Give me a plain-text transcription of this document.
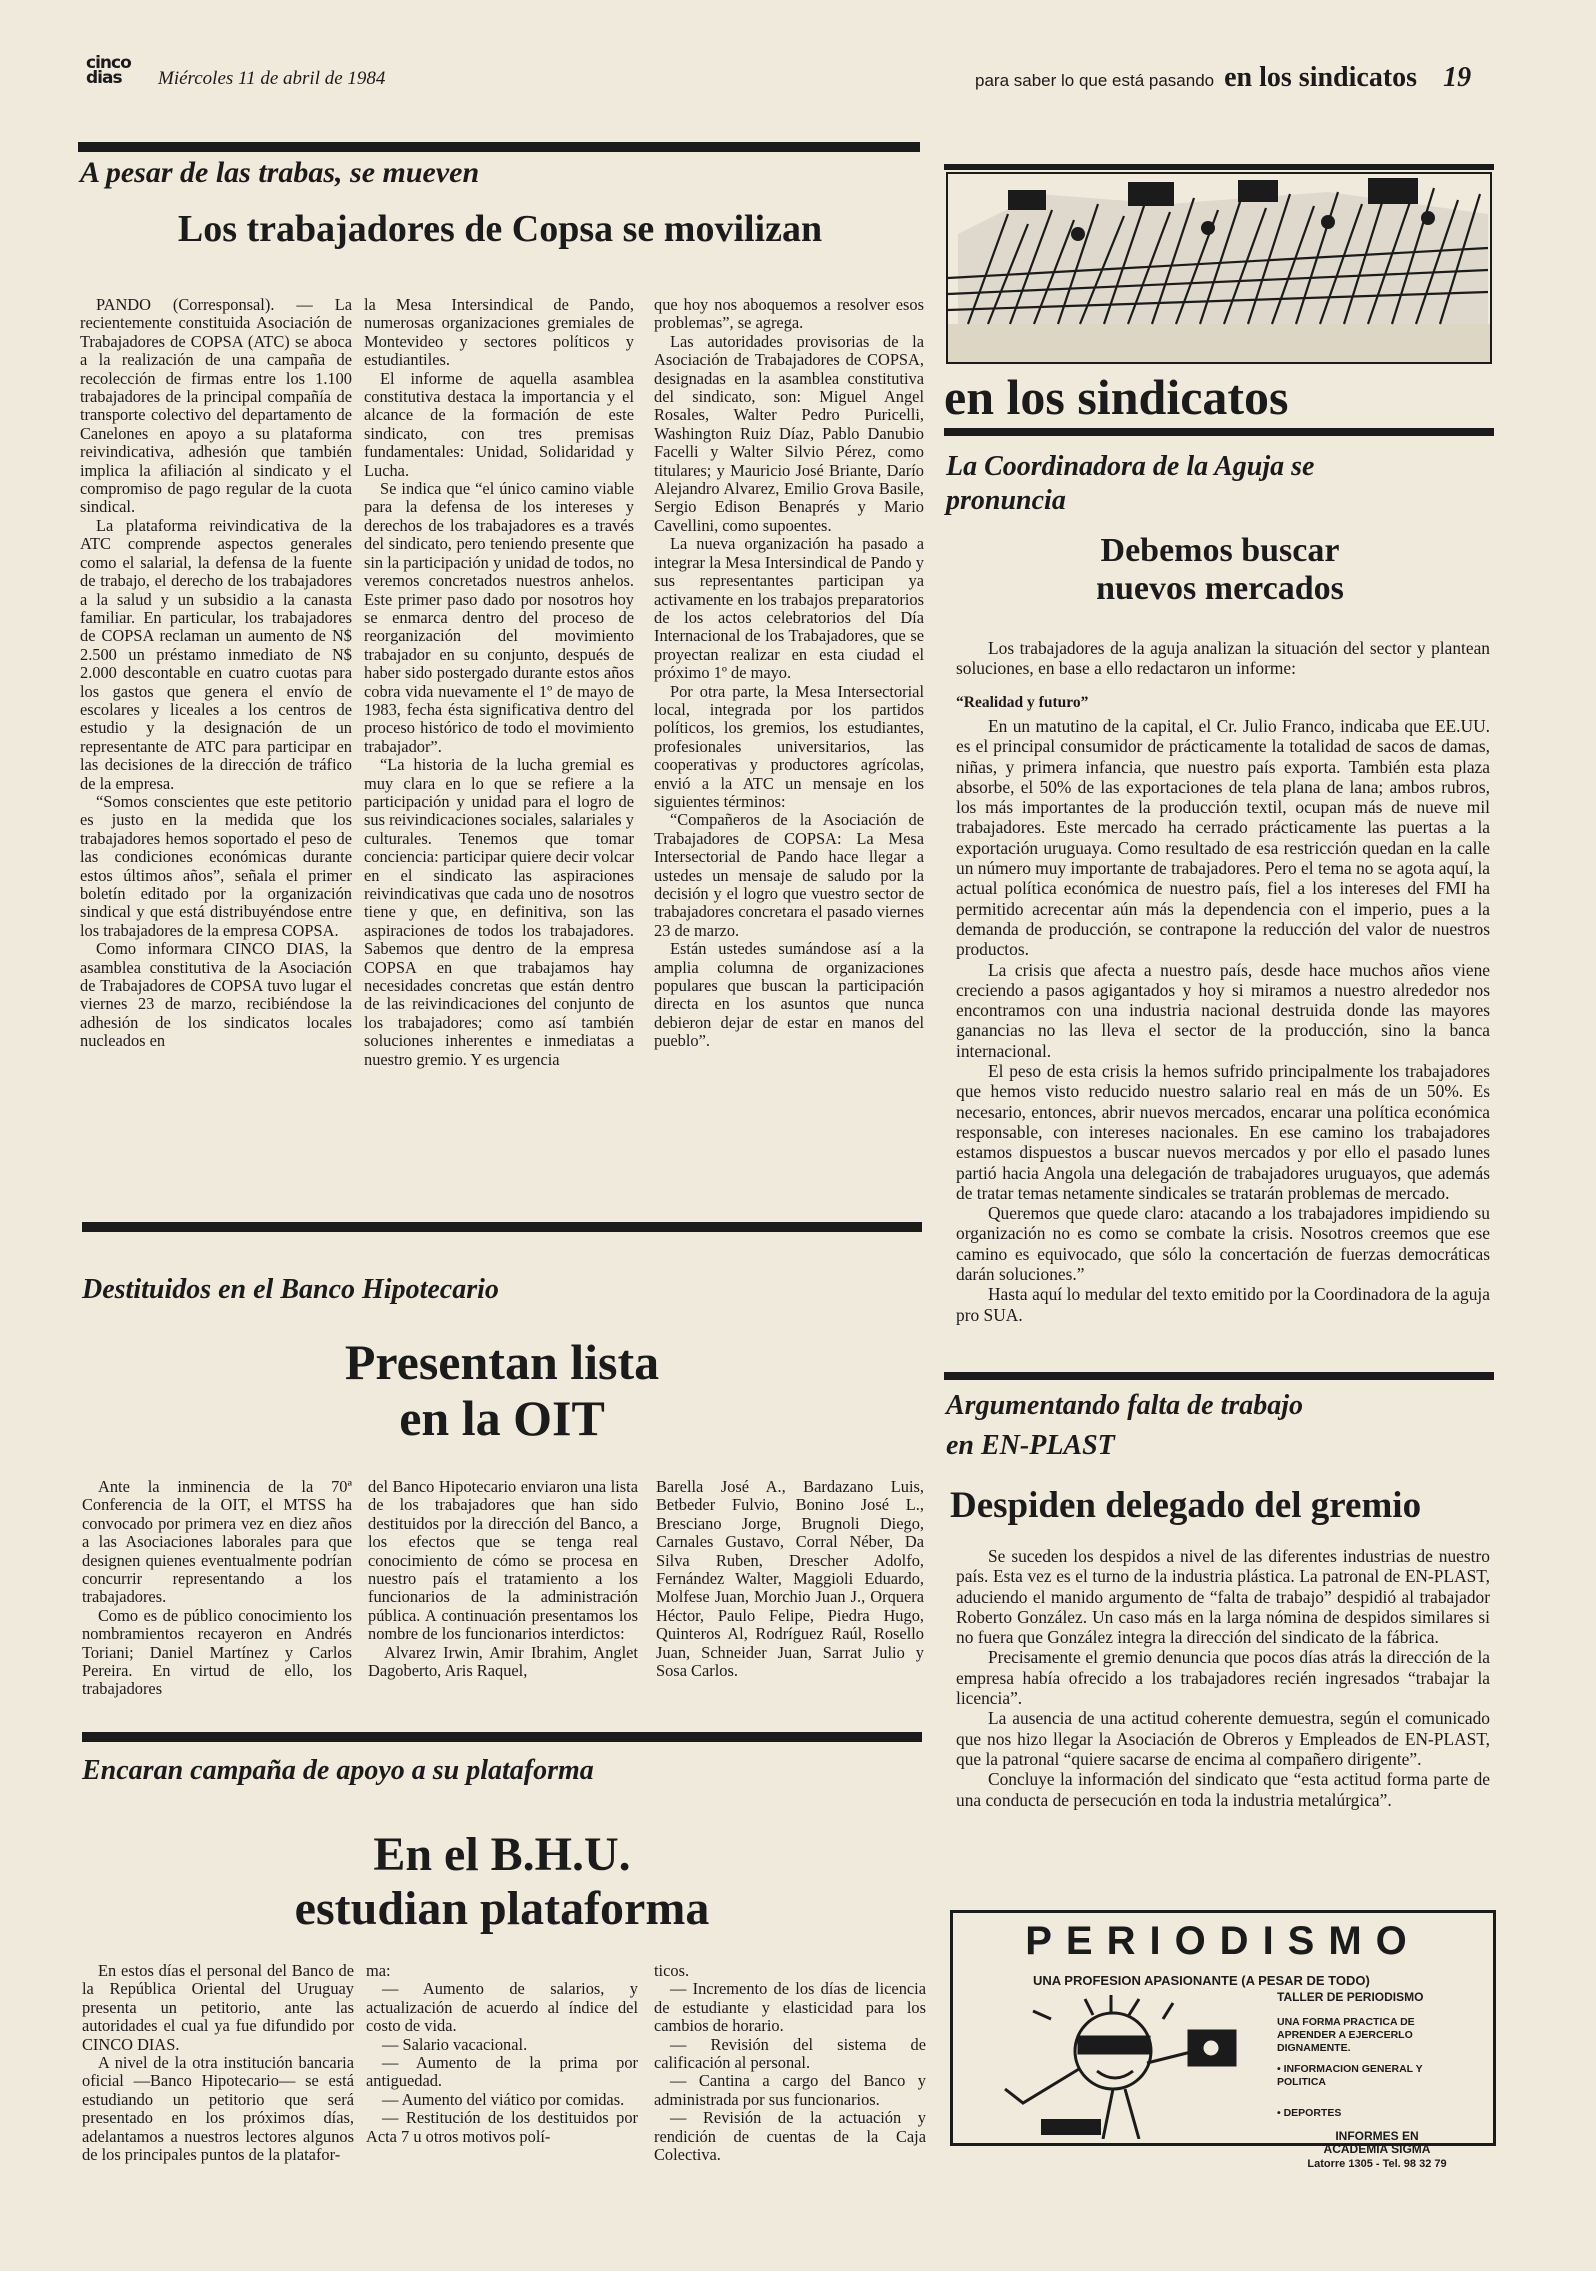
cinco
dias	Miércoles 11 de abril de 1984	para saber lo que está pasando en los sindicatos 19
A pesar de las trabas, se mueven
Los trabajadores de Copsa se movilizan

PANDO (Corresponsal). — La recientemente constituida Asociación de Trabajadores de COPSA (ATC) se aboca a la realización de una campaña de recolección de firmas entre los 1.100 trabajadores de la principal compañía de transporte colectivo del departamento de Canelones en apoyo a su plataforma reivindicativa, adhesión que también implica la afiliación al sindicato y el compromiso de pago regular de la cuota sindical.

La plataforma reivindicativa de la ATC comprende aspectos generales como el salarial, la defensa de la fuente de trabajo, el derecho de los trabajadores a la salud y un subsidio a la canasta familiar. En particular, los trabajadores de COPSA reclaman un aumento de N$ 2.500 un préstamo inmediato de N$ 2.000 descontable en cuatro cuotas para los gastos que genera el envío de escolares y liceales a los centros de estudio y la designación de un representante de ATC para participar en las decisiones de la dirección de tráfico de la empresa.

“Somos conscientes que este petitorio es justo en la medida que los trabajadores hemos soportado el peso de las condiciones económicas durante estos últimos años”, señala el primer boletín editado por la organización sindical y que está distribuyéndose entre los trabajadores de la empresa COPSA.

Como informara CINCO DIAS, la asamblea constitutiva de la Asociación de Trabajadores de COPSA tuvo lugar el viernes 23 de marzo, recibiéndose la adhesión de los sindicatos locales nucleados en

la Mesa Intersindical de Pando, numerosas organizaciones gremiales de Montevideo y sectores políticos y estudiantiles.

El informe de aquella asamblea constitutiva destaca la importancia y el alcance de la formación de este sindicato, con tres premisas fundamentales: Unidad, Solidaridad y Lucha.

Se indica que “el único camino viable para la defensa de los intereses y derechos de los trabajadores es a través del sindicato, pero teniendo presente que sin la participación y unidad de todos, no veremos concretados nuestros anhelos. Este primer paso dado por nosotros hoy se enmarca dentro del proceso de reorganización del movimiento trabajador en su conjunto, después de haber sido postergado durante estos años cobra vida nuevamente el 1º de mayo de 1983, fecha ésta significativa dentro del proceso histórico de todo el movimiento trabajador”.

“La historia de la lucha gremial es muy clara en lo que se refiere a la participación y unidad para el logro de sus reivindicaciones sociales, salariales y culturales. Tenemos que tomar conciencia: participar quiere decir volcar en el sindicato las aspiraciones reivindicativas que cada uno de nosotros tiene y que, en definitiva, son las aspiraciones de todos los trabajadores. Sabemos que dentro de la empresa COPSA en que trabajamos hay necesidades concretas que están dentro de las reivindicaciones del conjunto de los trabajadores; como así también soluciones inherentes e inmediatas a nuestro gremio. Y es urgencia

que hoy nos aboquemos a resolver esos problemas”, se agrega.

Las autoridades provisorias de la Asociación de Trabajadores de COPSA, designadas en la asamblea constitutiva del sindicato, son: Miguel Angel Rosales, Walter Pedro Puricelli, Washington Ruiz Díaz, Pablo Danubio Facelli y Walter Silvio Pérez, como titulares; y Mauricio José Briante, Darío Alejandro Alvarez, Emilio Grova Basile, Sergio Edison Benaprés y Mario Cavellini, como supoentes.

La nueva organización ha pasado a integrar la Mesa Intersindical de Pando y sus representantes participan ya activamente en los trabajos preparatorios de los actos celebratorios del Día Internacional de los Trabajadores, que se proyectan realizar en esta ciudad el próximo 1º de mayo.

Por otra parte, la Mesa Intersectorial local, integrada por los partidos políticos, los gremios, los estudiantes, profesionales universitarios, las cooperativas y productores agrícolas, envió a la ATC un mensaje en los siguientes términos:

“Compañeros de la Asociación de Trabajadores de COPSA: La Mesa Intersectorial de Pando hace llegar a ustedes un mensaje de saludo por la decisión y el logro que vuestro sector de trabajadores concretara el pasado viernes 23 de marzo.

Están ustedes sumándose así a la amplia columna de organizaciones populares que buscan la participación directa en los asuntos que nunca debieron dejar de estar en manos del pueblo”.

Destituidos en el Banco Hipotecario
Presentan lista
en la OIT

Ante la inminencia de la 70ª Conferencia de la OIT, el MTSS ha convocado por primera vez en diez años a las Asociaciones laborales para que designen quienes eventualmente podrían concurrir representando a los trabajadores.

Como es de público conocimiento los nombramientos recayeron en Andrés Toriani; Daniel Martínez y Carlos Pereira. En virtud de ello, los trabajadores

del Banco Hipotecario enviaron una lista de los trabajadores que han sido destituidos por la dirección del Banco, a los efectos que se tenga real conocimiento de cómo se procesa en nuestro país el tratamiento a los funcionarios de la administración pública. A continuación presentamos los nombre de los funcionarios interdictos:

Alvarez Irwin, Amir Ibrahim, Anglet Dagoberto, Aris Raquel,

Barella José A., Bardazano Luis, Betbeder Fulvio, Bonino José L., Bresciano Jorge, Brugnoli Diego, Carnales Gustavo, Corral Néber, Da Silva Ruben, Drescher Adolfo, Fernández Walter, Maggioli Eduardo, Molfese Juan, Morchio Juan J., Orquera Héctor, Paulo Felipe, Piedra Hugo, Quinteros Al, Rodríguez Raúl, Rosello Juan, Schneider Juan, Sarrat Julio y Sosa Carlos.

Encaran campaña de apoyo a su plataforma
En el B.H.U.
estudian plataforma

En estos días el personal del Banco de la República Oriental del Uruguay presenta un petitorio, ante las autoridades el cual ya fue difundido por CINCO DIAS.

A nivel de la otra institución bancaria oficial —Banco Hipotecario— se está estudiando un petitorio que será presentado en los próximos días, adelantamos a nuestros lectores algunos de los principales puntos de la platafor-

ma:

— Aumento de salarios, y actualización de acuerdo al índice del costo de vida.

— Salario vacacional.

— Aumento de la prima por antiguedad.

— Aumento del viático por comidas.

— Restitución de los destituidos por Acta 7 u otros motivos polí-

ticos.

— Incremento de los días de licencia de estudiante y elasticidad para los cambios de horario.

— Revisión del sistema de calificación al personal.

— Cantina a cargo del Banco y administrada por sus funcionarios.

— Revisión de la actuación y rendición de cuentas de la Caja Colectiva.

en los sindicatos
La Coordinadora de la Aguja se pronuncia
Debemos buscar nuevos mercados
Los trabajadores de la aguja analizan la situación del sector y plantean soluciones, en base a ello redactaron un informe:
“Realidad y futuro”

En un matutino de la capital, el Cr. Julio Franco, indicaba que EE.UU. es el principal consumidor de prácticamente la totalidad de sacos de damas, niñas, y primera infancia, que nuestro país exporta. También esta plaza absorbe, el 50% de las exportaciones de tela plana de lana; ambos rubros, los más importantes de la producción textil, ocupan más de nueve mil trabajadores. Este mercado ha cerrado prácticamente las puertas a la exportación uruguaya. Como resultado de esa restricción quedan en la calle un número muy importante de trabajadores. Pero el tema no se agota aquí, la actual política económica de nuestro país, fiel a los intereses del FMI ha permitido acrecentar aún más la dependencia con el imperio, pues a la demanda de producción, se contrapone la reducción del valor de nuestros productos.

La crisis que afecta a nuestro país, desde hace muchos años viene creciendo a pasos agigantados y hoy si miramos a nuestro alrededor nos encontramos con una industria nacional destruida donde las mayores ganancias no las lleva el sector de la producción, sino la banca internacional.

El peso de esta crisis la hemos sufrido principalmente los trabajadores que hemos visto reducido nuestro salario real en más de un 50%. Es necesario, entonces, abrir nuevos mercados, encarar una política económica responsable, con intereses nacionales. En ese camino los trabajadores estamos dispuestos a buscar nuevos mercados y por ello el pasado lunes partió hacia Angola una delegación de trabajadores uruguayos, que además de tratar temas netamente sindicales se tratarán problemas de mercado.

Queremos que quede claro: atacando a los trabajadores impidiendo su organización no es como se combate la crisis. Nosotros creemos que ese camino es equivocado, que sólo la concertación de fuerzas democráticas darán soluciones.”

Hasta aquí lo medular del texto emitido por la Coordinadora de la aguja pro SUA.

Argumentando falta de trabajo
en EN-PLAST
Despiden delegado del gremio

Se suceden los despidos a nivel de las diferentes industrias de nuestro país. Esta vez es el turno de la industria plástica. La patronal de EN-PLAST, aduciendo el manido argumento de “falta de trabajo” despidió al trabajador Roberto González. Un caso más en la larga nómina de despidos similares si no fuera que González integra la dirección del sindicato de la fábrica.

Precisamente el gremio denuncia que pocos días atrás la dirección de la empresa había ofrecido a los trabajadores recién ingresados “trabajar la licencia”.

La ausencia de una actitud coherente demuestra, según el comunicado que nos hizo llegar la Asociación de Obreros y Empleados de EN-PLAST, que la patronal “quiere sacarse de encima al compañero dirigente”.

Concluye la información del sindicato que “esta actitud forma parte de una conducta de persecución en toda la industria metalúrgica”.

PERIODISMO
UNA PROFESION APASIONANTE (A PESAR DE TODO)
TALLER DE PERIODISMO
UNA FORMA PRACTICA DE APRENDER A EJERCERLO DIGNAMENTE.
• INFORMACION GENERAL Y POLITICA
• DEPORTES
INFORMES EN
ACADEMIA SIGMA
Latorre 1305 - Tel. 98 32 79
